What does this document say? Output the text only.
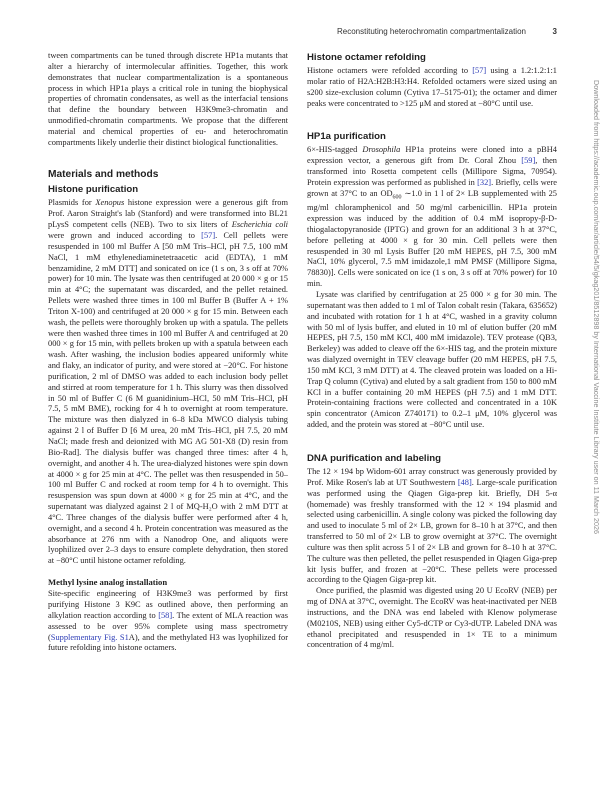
Reconstituting heterochromatin compartmentalization	3

tween compartments can be tuned through discrete HP1a mutants that alter a hierarchy of intermolecular affinities. Together, this work demonstrates that nuclear compartmentalization is a spontaneous process in which HP1a plays a critical role in tuning the biophysical properties of chromatin condensates, as well as the interfacial tensions that define the boundary between H3K9me3-chromatin and unmodified-chromatin compartments. We propose that the different material and chemical properties of eu- and heterochromatin compartments likely underlie their distinct biological functionalities.

Materials and methods
Histone purification

Plasmids for Xenopus histone expression were a generous gift from Prof. Aaron Straight's lab (Stanford) and were transformed into BL21 pLysS competent cells (NEB). Two to six liters of Escherichia coli were grown and induced according to [57]. Cell pellets were resuspended in 100 ml Buffer A [50 mM Tris–HCl, pH 7.5, 100 mM NaCl, 1 mM ethylenediaminetetraacetic acid (EDTA), 1 mM benzamidine, 2 mM DTT] and sonicated on ice (1 s on, 3 s off at 70% power) for 10 min. The lysate was then centrifuged at 20 000 × g or 15 min at 4°C; the supernatant was discarded, and the pellet retained. Pellets were washed three times in 100 ml Buffer B (Buffer A + 1% Triton X-100) and centrifuged at 20 000 × g for 15 min. Between each wash, the pellets were thoroughly broken up with a spatula. The pellets were then washed three times in 100 ml Buffer A and centrifuged at 20 000 × g for 15 min, with pellets broken up with a spatula between each wash. After washing, the inclusion bodies appeared uniformly white and flaky, an indicator of purity, and were stored at −20°C. For histone purification, 2 ml of DMSO was added to each inclusion body pellet and stirred at room temperature for 1 h. This slurry was then dissolved in 50 ml of Buffer C (6 M guanidinium–HCl, 50 mM Tris–HCl, pH 7.5, 5 mM BME), rocking for 4 h to overnight at room temperature. The mixture was then dialyzed in 6–8 kDa MWCO dialysis tubing against 2 l of Buffer D [6 M urea, 20 mM Tris–HCl, pH 7.5, 20 mM NaCl; made fresh and deionized with MG AG 501-X8 (D) resin from Bio-Rad]. The dialysis buffer was changed three times: after 4 h, overnight, and another 4 h. The urea-dialyzed histones were spin down at 4000 × g for 25 min at 4°C. The pellet was then resuspended in 50–100 ml Buffer C and rocked at room temp for 4 h to overnight. This resuspension was spun down at 4000 × g for 25 min at 4°C, and the supernatant was dialyzed against 2 l of MQ-H₂O with 2 mM DTT at 4°C. Three changes of the dialysis buffer were performed after 4 h, overnight, and a second 4 h. Protein concentration was measured as the absorbance at 276 nm with a Nanodrop One, and aliquots were lyophilized over 2–3 days to ensure complete dehydration, then stored at −80°C until histone octamer refolding.

Methyl lysine analog installation

Site-specific engineering of H3K9me3 was performed by first purifying Histone 3 K9C as outlined above, then performing an alkylation reaction according to [58]. The extent of MLA reaction was assessed to be over 95% complete using mass spectrometry (Supplementary Fig. S1A), and the methylated H3 was lyophilized for future refolding into histone octamers.

Histone octamer refolding

Histone octamers were refolded according to [57] using a 1.2:1.2:1:1 molar ratio of H2A:H2B:H3:H4. Refolded octamers were sized using an s200 size-exclusion column (Cytiva 17–5175-01); the octamer and dimer peaks were concentrated to >125 μM and stored at −80°C until use.

HP1a purification

6×-HIS-tagged Drosophila HP1a proteins were cloned into a pBH4 expression vector, a generous gift from Dr. Coral Zhou [59], then transformed into Rosetta competent cells (Millipore Sigma, 70954). Protein expression was performed as published in [32]. Briefly, cells were grown at 37°C to an $OD_{600}$ ∼1.0 in 1 l of 2× LB supplemented with 25 mg/ml chloramphenicol and 50 mg/ml carbenicillin. HP1a protein expression was induced by the addition of 0.4 mM isopropy-β-D-thiogalactopyranoside (IPTG) and grown for an additional 3 h at 37°C, before pelleting at 4000 × g for 30 min. Cell pellets were then resuspended in 30 ml Lysis Buffer [20 mM HEPES, pH 7.5, 300 mM NaCl, 10% glycerol, 7.5 mM imidazole,1 mM PMSF (Millipore Sigma, 78830)]. Cells were sonicated on ice (1 s on, 3 s off at 70% power) for 10 min.

Lysate was clarified by centrifugation at 25 000 × g for 30 min. The supernatant was then added to 1 ml of Talon cobalt resin (Takara, 635652) and incubated with rotation for 1 h at 4°C, washed in a gravity column with 50 ml of lysis buffer, and eluted in 10 ml of elution buffer (20 mM HEPES, pH 7.5, 150 mM KCl, 400 mM imidazole). TEV protease (QB3, Berkeley) was added to cleave off the 6×-HIS tag, and the protein mixture was dialyzed overnight in TEV cleavage buffer (20 mM HEPES, pH 7.5, 150 mM KCl, 3 mM DTT) at 4. The cleaved protein was loaded on a Hi-Trap Q column (Cytiva) and eluted by a salt gradient from 150 to 800 mM KCl in a buffer containing 20 mM HEPES (pH 7.5) and 1 mM DTT. Protein-containing fractions were collected and concentrated in a 10K spin concentrator (Amicon Z740171) to 0.2–1 μM, 10% glycerol was added, and the protein was stored at −80°C until use.

DNA purification and labeling

The 12 × 194 bp Widom-601 array construct was generously provided by Prof. Mike Rosen's lab at UT Southwestern [48]. Large-scale purification was performed using the Qiagen Giga-prep kit. Briefly, DH 5-α (homemade) was freshly transformed with the 12 × 194 plasmid and selected using carbenicillin. A single colony was picked the following day and used to inoculate 5 ml of 2× LB, grown for 8–10 h at 37°C, and then transferred to 50 ml of 2× LB to grow overnight at 37°C. The overnight culture was then split across 5 l of 2× LB and grown for 8–10 h at 37°C. The culture was then pelleted, the pellet resuspended in Qiagen Giga-prep kit lysis buffer, and frozen at −20°C. These pellets were processed according to the Qiagen Giga-prep kit.

Once purified, the plasmid was digested using 20 U EcoRV (NEB) per mg of DNA at 37°C, overnight. The EcoRV was heat-inactivated per NEB instructions, and the DNA was end labeled with Klenow polymerase (M0210S, NEB) using either Cy5-dCTP or Cy3-dUTP. Labeled DNA was ethanol precipitated and resuspended in 1× TE to a minimum concentration of 4 mg/ml.

Downloaded from https://academic.oup.com/nar/article/54/5/gkag201/8512898 by International Vaccine Institute Library user on 11 March 2026
